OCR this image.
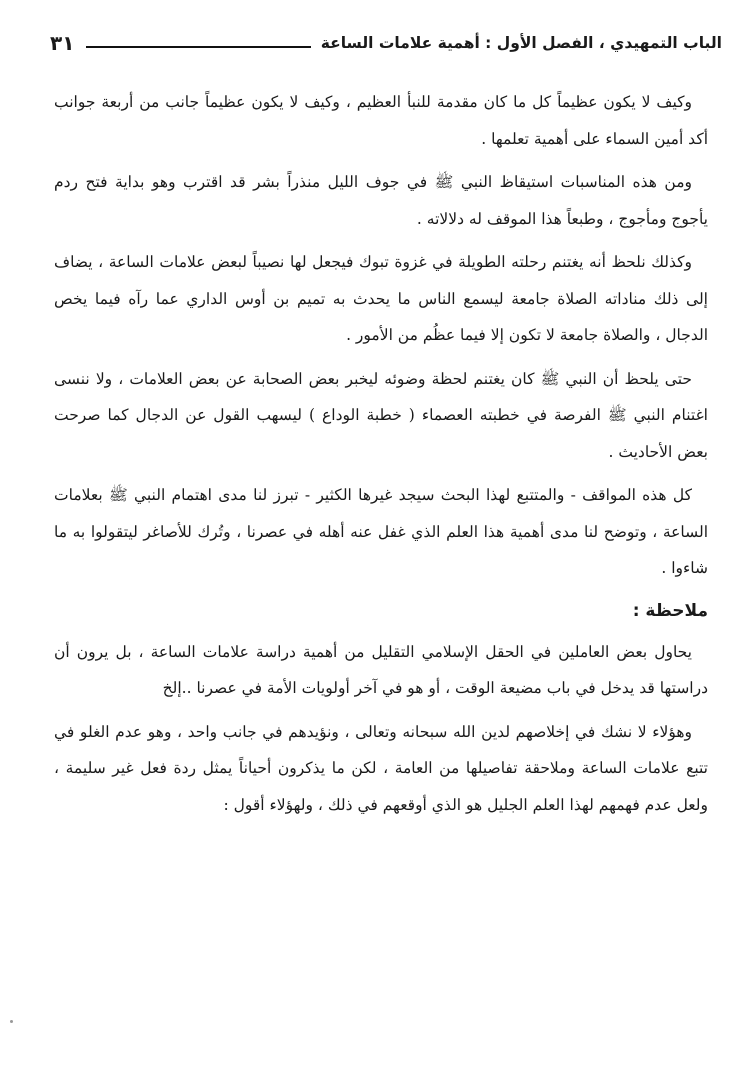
الباب التمهيدي ، الفصل الأول : أهمية علامات الساعة
٣١

وكيف لا يكون عظيماً كل ما كان مقدمة للنبأ العظيم ، وكيف لا يكون عظيماً جانب من أربعة جوانب أكد أمين السماء على أهمية تعلمها .

ومن هذه المناسبات استيقاظ النبي ﷺ في جوف الليل منذراً بشر قد اقترب وهو بداية فتح ردم يأجوج ومأجوج ، وطبعاً هذا الموقف له دلالاته .

وكذلك نلحظ أنه يغتنم رحلته الطويلة في غزوة تبوك فيجعل لها نصيباً لبعض علامات الساعة ، يضاف إلى ذلك مناداته الصلاة جامعة ليسمع الناس ما يحدث به تميم بن أوس الداري عما رآه فيما يخص الدجال ، والصلاة جامعة لا تكون إلا فيما عظُم من الأمور .

حتى يلحظ أن النبي ﷺ كان يغتنم لحظة وضوئه ليخبر بعض الصحابة عن بعض العلامات ، ولا ننسى اغتنام النبي ﷺ الفرصة في خطبته العصماء ( خطبة الوداع ) ليسهب القول عن الدجال كما صرحت بعض الأحاديث .

كل هذه المواقف - والمتتبع لهذا البحث سيجد غيرها الكثير - تبرز لنا مدى اهتمام النبي ﷺ بعلامات الساعة ، وتوضح لنا مدى أهمية هذا العلم الذي غفل عنه أهله في عصرنا ، وتُرك للأصاغر ليتقولوا به ما شاءوا .

ملاحظة :

يحاول بعض العاملين في الحقل الإسلامي التقليل من أهمية دراسة علامات الساعة ، بل يرون أن دراستها قد يدخل في باب مضيعة الوقت ، أو هو في آخر أولويات الأمة في عصرنا ..إلخ

وهؤلاء لا نشك في إخلاصهم لدين الله سبحانه وتعالى ، ونؤيدهم في جانب واحد ، وهو عدم الغلو في تتبع علامات الساعة وملاحقة تفاصيلها من العامة ، لكن ما يذكرون أحياناً يمثل ردة فعل غير سليمة ، ولعل عدم فهمهم لهذا العلم الجليل هو الذي أوقعهم في ذلك ، ولهؤلاء أقول :
